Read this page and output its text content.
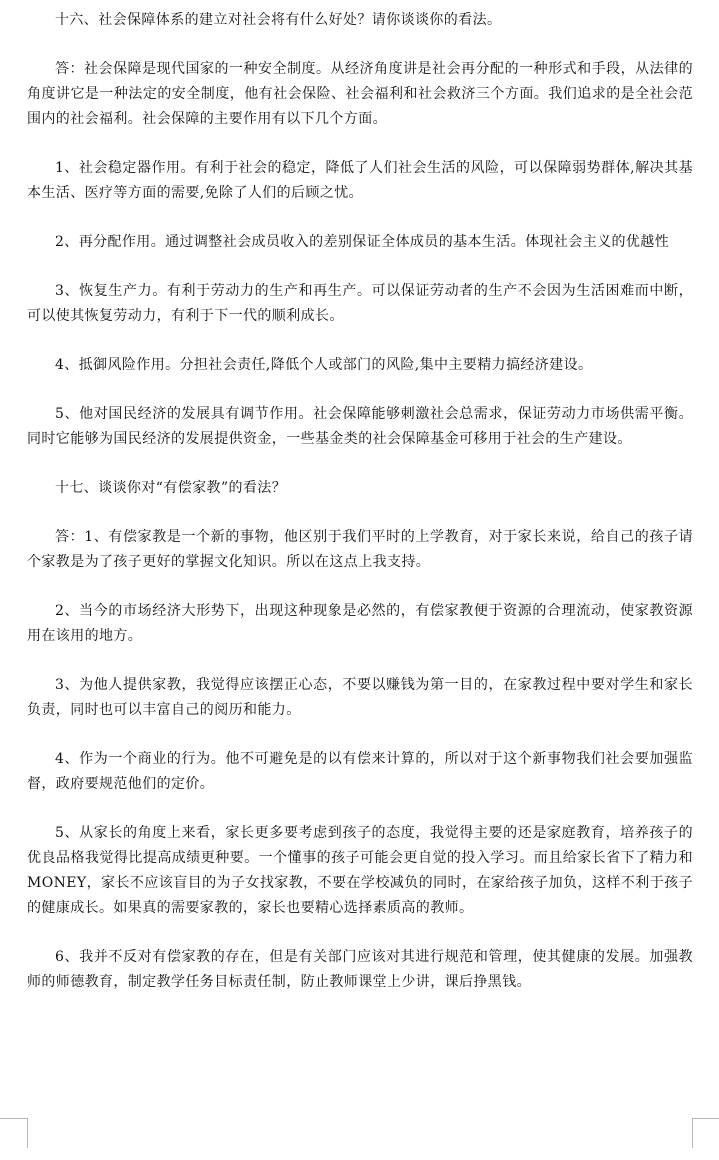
十六、社会保障体系的建立对社会将有什么好处？请你谈谈你的看法。

答：社会保障是现代国家的一种安全制度。从经济角度讲是社会再分配的一种形式和手段，从法律的角度讲它是一种法定的安全制度，他有社会保险、社会福利和社会救济三个方面。我们追求的是全社会范围内的社会福利。社会保障的主要作用有以下几个方面。

1、社会稳定器作用。有利于社会的稳定，降低了人们社会生活的风险，可以保障弱势群体,解决其基本生活、医疗等方面的需要,免除了人们的后顾之忧。

2、再分配作用。通过调整社会成员收入的差别保证全体成员的基本生活。体现社会主义的优越性

3、恢复生产力。有利于劳动力的生产和再生产。可以保证劳动者的生产不会因为生活困难而中断，可以使其恢复劳动力，有利于下一代的顺利成长。

4、抵御风险作用。分担社会责任,降低个人或部门的风险,集中主要精力搞经济建设。

5、他对国民经济的发展具有调节作用。社会保障能够刺激社会总需求，保证劳动力市场供需平衡。同时它能够为国民经济的发展提供资金，一些基金类的社会保障基金可移用于社会的生产建设。

十七、谈谈你对“有偿家教”的看法？

答：1、有偿家教是一个新的事物，他区别于我们平时的上学教育，对于家长来说，给自己的孩子请个家教是为了孩子更好的掌握文化知识。所以在这点上我支持。

2、当今的市场经济大形势下，出现这种现象是必然的，有偿家教便于资源的合理流动，使家教资源用在该用的地方。

3、为他人提供家教，我觉得应该摆正心态，不要以赚钱为第一目的，在家教过程中要对学生和家长负责，同时也可以丰富自己的阅历和能力。

4、作为一个商业的行为。他不可避免是的以有偿来计算的，所以对于这个新事物我们社会要加强监督，政府要规范他们的定价。

5、从家长的角度上来看，家长更多要考虑到孩子的态度，我觉得主要的还是家庭教育，培养孩子的优良品格我觉得比提高成绩更种要。一个懂事的孩子可能会更自觉的投入学习。而且给家长省下了精力和 MONEY，家长不应该盲目的为子女找家教，不要在学校减负的同时，在家给孩子加负，这样不利于孩子的健康成长。如果真的需要家教的，家长也要精心选择素质高的教师。

6、我并不反对有偿家教的存在，但是有关部门应该对其进行规范和管理，使其健康的发展。加强教师的师德教育，制定教学任务目标责任制，防止教师课堂上少讲，课后挣黑钱。
